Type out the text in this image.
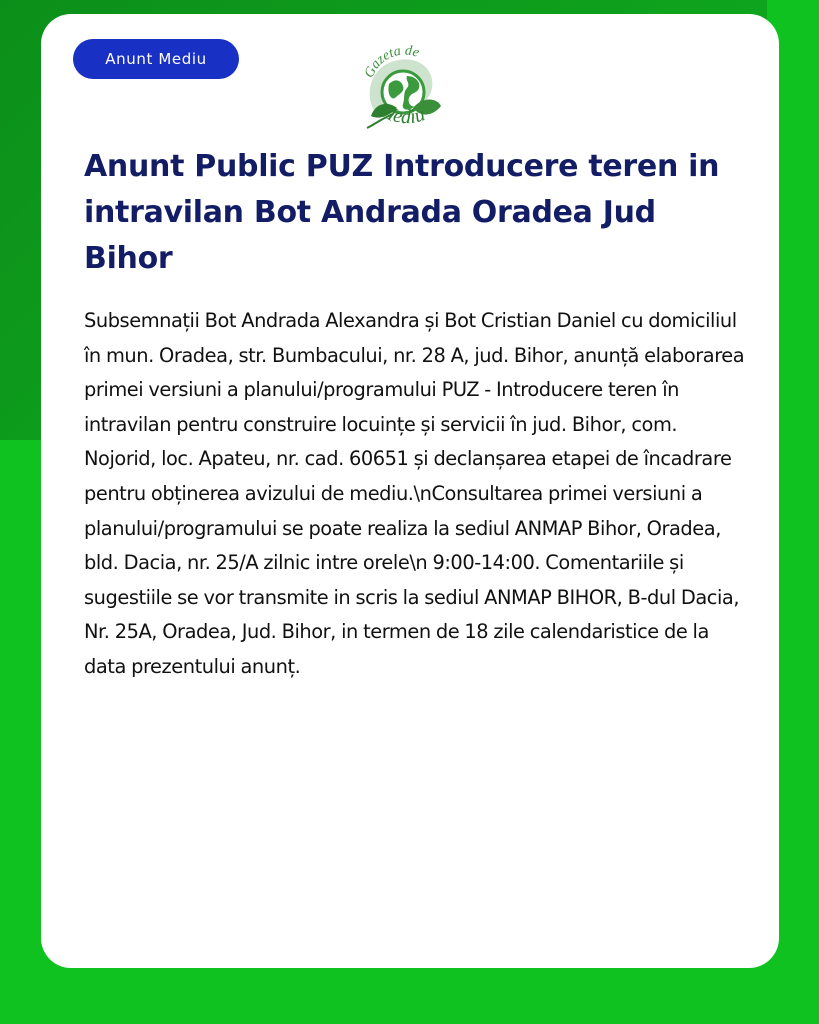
Anunt Mediu
Gazeta de
Mediu
Anunt Public PUZ Introducere teren in intravilan Bot Andrada Oradea Jud Bihor

Subsemnații Bot Andrada Alexandra și Bot Cristian Daniel cu domiciliul în mun. Oradea, str. Bumbacului, nr. 28 A, jud. Bihor, anunță elaborarea primei versiuni a planului/programului PUZ - Introducere teren în intravilan pentru construire locuințe și servicii în jud. Bihor, com. Nojorid, loc. Apateu, nr. cad. 60651 și declanșarea etapei de încadrare pentru obținerea avizului de mediu.\nConsultarea primei versiuni a planului/programului se poate realiza la sediul ANMAP Bihor, Oradea, bld. Dacia, nr. 25/A zilnic intre orele\n 9:00-14:00. Comentariile și sugestiile se vor transmite in scris la sediul ANMAP BIHOR, B-dul Dacia, Nr. 25A, Oradea, Jud. Bihor, in termen de 18 zile calendaristice de la data prezentului anunț.
